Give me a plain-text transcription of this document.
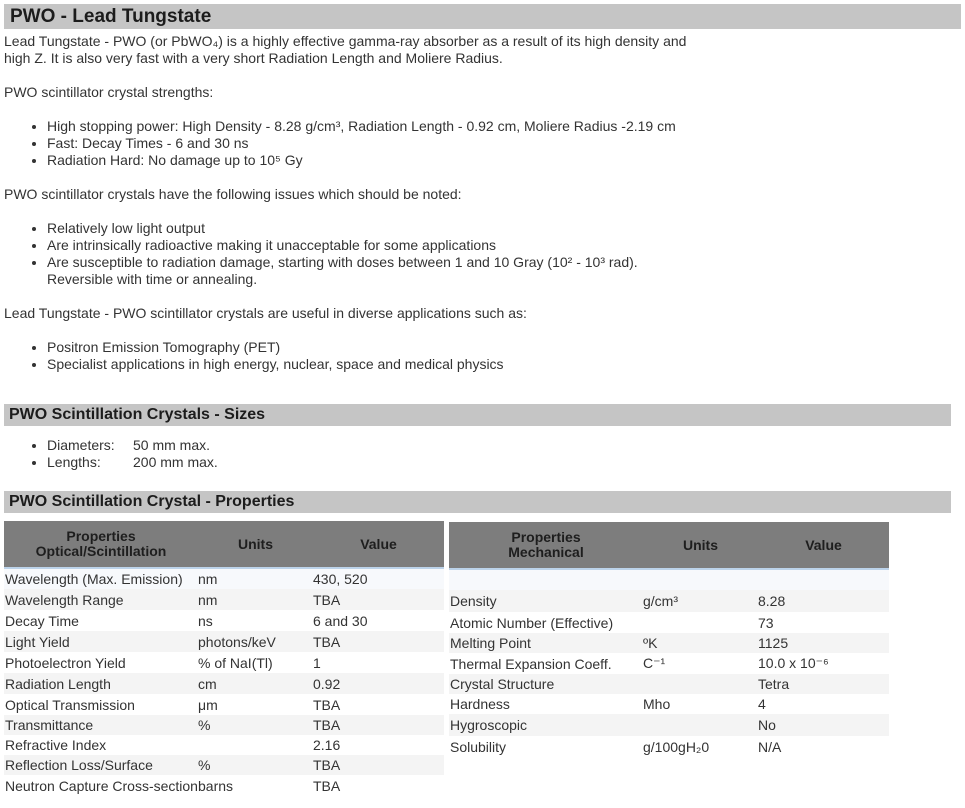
PWO - Lead Tungstate
Lead Tungstate - PWO (or PbWO₄) is a highly effective gamma-ray absorber as a result of its high density and
high Z. It is also very fast with a very short Radiation Length and Moliere Radius.
PWO scintillator crystal strengths:
• High stopping power: High Density - 8.28 g/cm³, Radiation Length - 0.92 cm, Moliere Radius -2.19 cm
• Fast: Decay Times - 6 and 30 ns
• Radiation Hard: No damage up to 10⁵ Gy
PWO scintillator crystals have the following issues which should be noted:
• Relatively low light output
• Are intrinsically radioactive making it unacceptable for some applications
• Are susceptible to radiation damage, starting with doses between 1 and 10 Gray (10² - 10³ rad).
Reversible with time or annealing.
Lead Tungstate - PWO scintillator crystals are useful in diverse applications such as:
• Positron Emission Tomography (PET)
• Specialist applications in high energy, nuclear, space and medical physics
PWO Scintillation Crystals - Sizes
• Diameters: 50 mm max.
• Lengths: 200 mm max.
PWO Scintillation Crystal - Properties
Properties
Optical/Scintillation	Units	Value
Wavelength (Max. Emission)	nm	430, 520
Wavelength Range	nm	TBA
Decay Time	ns	6 and 30
Light Yield	photons/keV	TBA
Photoelectron Yield	% of NaI(Tl)	1
Radiation Length	cm	0.92
Optical Transmission	μm	TBA
Transmittance	%	TBA
Refractive Index		2.16
Reflection Loss/Surface	%	TBA
Neutron Capture Cross-section	barns	TBA
Properties
Mechanical	Units	Value

Density	g/cm³	8.28
Atomic Number (Effective)		73
Melting Point	ºK	1125
Thermal Expansion Coeff.	C⁻¹	10.0 x 10⁻⁶
Crystal Structure		Tetra
Hardness	Mho	4
Hygroscopic		No
Solubility	g/100gH₂0	N/A
